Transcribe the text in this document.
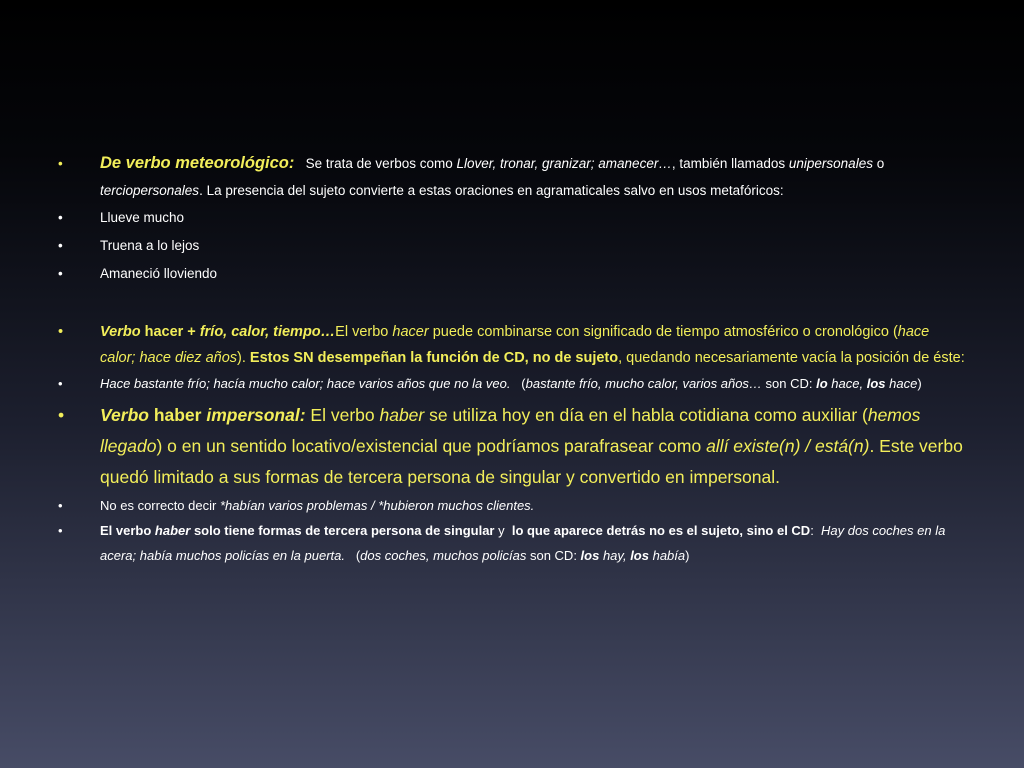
• De verbo meteorológico: Se trata de verbos como Llover, tronar, granizar; amanecer…, también llamados unipersonales o terciopersonales. La presencia del sujeto convierte a estas oraciones en agramaticales salvo en usos metafóricos:
•	Llueve mucho
•	Truena a lo lejos
•	Amaneció lloviendo
•	Verbo hacer + frío, calor, tiempo…El verbo hacer puede combinarse con significado de tiempo atmosférico o cronológico (hace calor; hace diez años). Estos SN desempeñan la función de CD, no de sujeto, quedando necesariamente vacía la posición de éste:
•	Hace bastante frío; hacía mucho calor; hace varios años que no la veo.   (bastante frío, mucho calor, varios años… son CD: lo hace, los hace)
• Verbo haber impersonal: El verbo haber se utiliza hoy en día en el habla cotidiana como auxiliar (hemos llegado) o en un sentido locativo/existencial que podríamos parafrasear como allí existe(n) / está(n). Este verbo quedó limitado a sus formas de tercera persona de singular y convertido en impersonal.
•	No es correcto decir *habían varios problemas / *hubieron muchos clientes.
•	El verbo haber solo tiene formas de tercera persona de singular y  lo que aparece detrás no es el sujeto, sino el CD:  Hay dos coches en la acera; había muchos policías en la puerta.   (dos coches, muchos policías son CD: los hay, los había)
